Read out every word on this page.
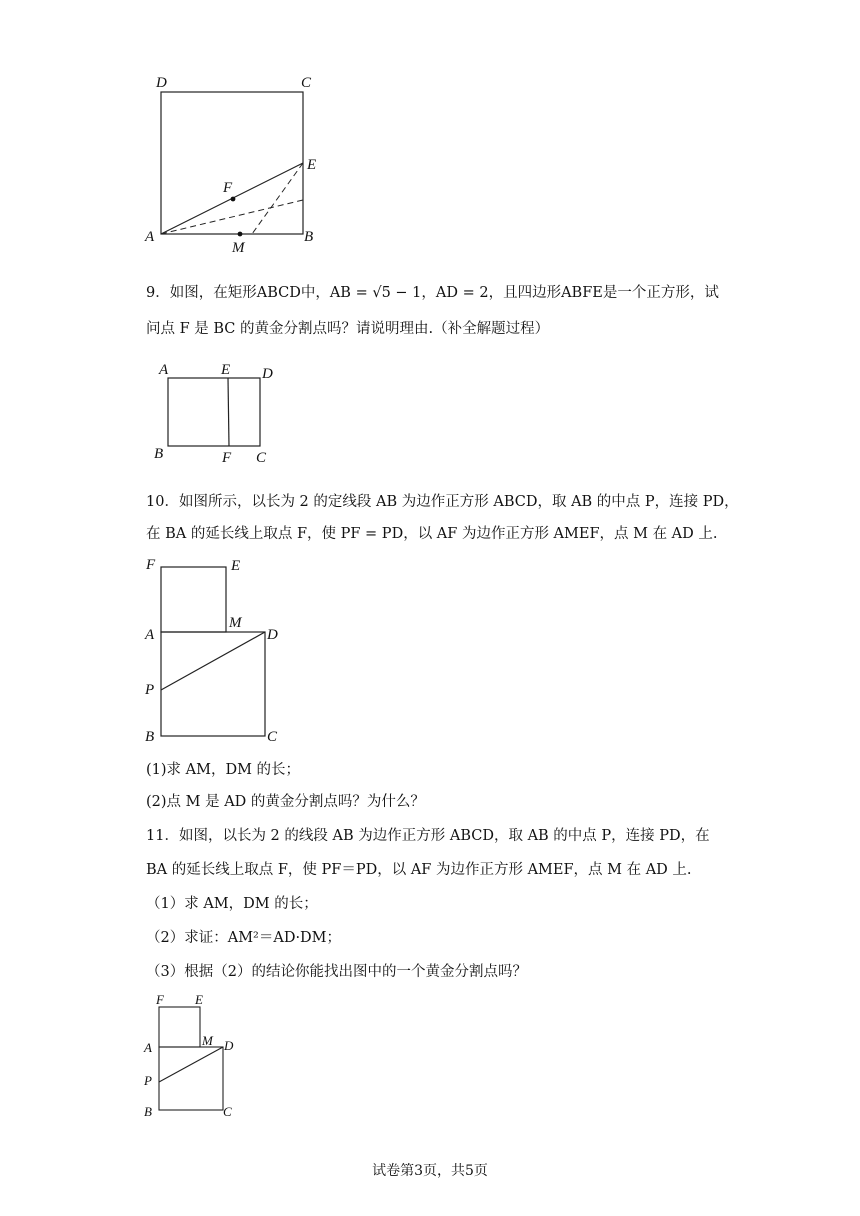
D	C
E
F
A
M
B
9．如图，在矩形ABCD中，AB = √5 − 1，AD = 2，且四边形ABFE是一个正方形，试
问点 F 是 BC 的黄金分割点吗？请说明理由.（补全解题过程）
A	E D
B	F C
10．如图所示，以长为 2 的定线段 AB 为边作正方形 ABCD，取 AB 的中点 P，连接 PD，
在 BA 的延长线上取点 F，使 PF = PD，以 AF 为边作正方形 AMEF，点 M 在 AD 上.
F	E
M
A	D
P
B	C
(1)求 AM，DM 的长；
(2)点 M 是 AD 的黄金分割点吗？为什么？
11．如图，以长为 2 的线段 AB 为边作正方形 ABCD，取 AB 的中点 P，连接 PD，在
BA 的延长线上取点 F，使 PF＝PD，以 AF 为边作正方形 AMEF，点 M 在 AD 上.
（1）求 AM，DM 的长；
（2）求证：AM²＝AD·DM；
（3）根据（2）的结论你能找出图中的一个黄金分割点吗？
F E
M
A	D
P
B	C
试卷第3页，共5页
